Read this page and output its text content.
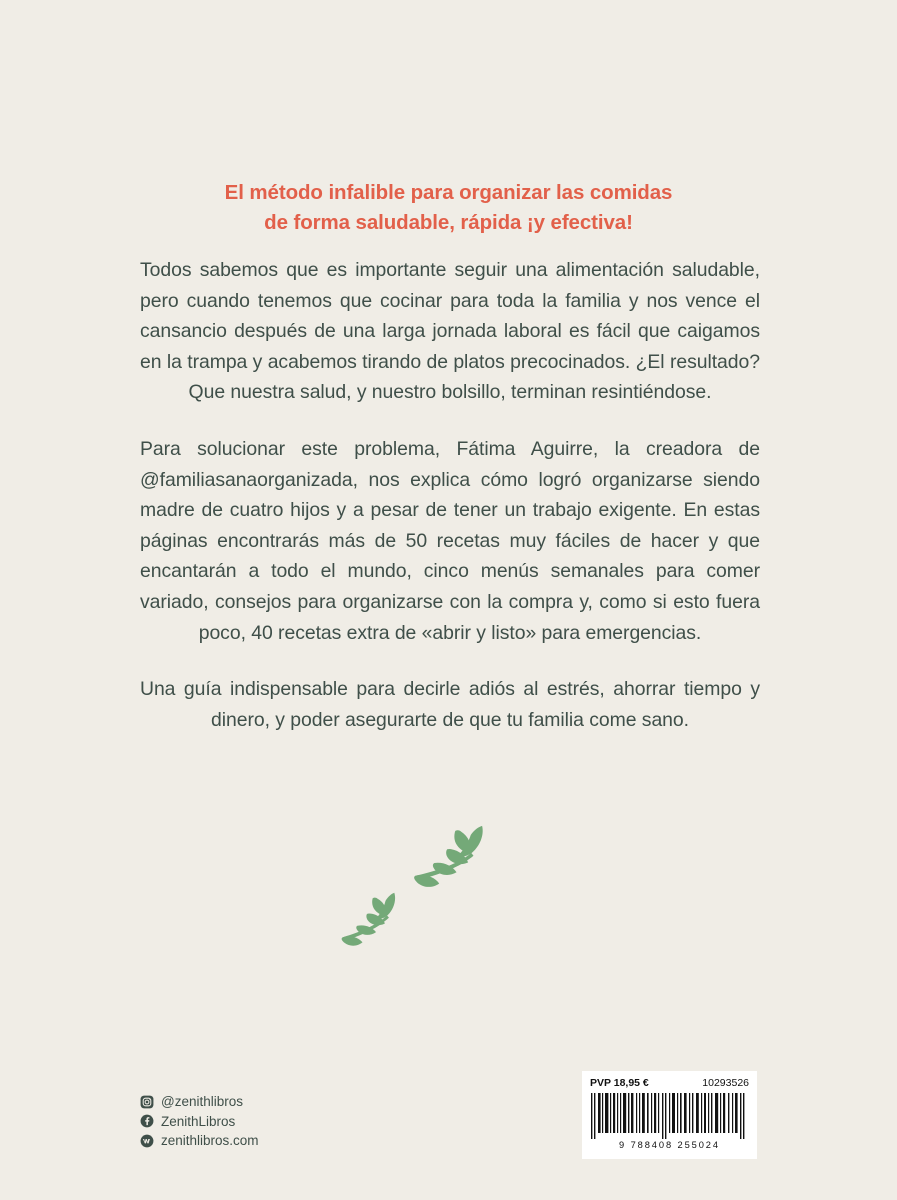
El método infalible para organizar las comidas
de forma saludable, rápida ¡y efectiva!

Todos sabemos que es importante seguir una alimentación saludable, pero cuando tenemos que cocinar para toda la familia y nos vence el cansancio después de una larga jornada laboral es fácil que caigamos en la trampa y acabemos tirando de platos precocinados. ¿El resultado? Que nuestra salud, y nuestro bolsillo, terminan resintiéndose.

Para solucionar este problema, Fátima Aguirre, la creadora de @familiasanaorganizada, nos explica cómo logró organizarse siendo madre de cuatro hijos y a pesar de tener un trabajo exigente. En estas páginas encontrarás más de 50 recetas muy fáciles de hacer y que encantarán a todo el mundo, cinco menús semanales para comer variado, consejos para organizarse con la compra y, como si esto fuera poco, 40 recetas extra de «abrir y listo» para emergencias.

Una guía indispensable para decirle adiós al estrés, ahorrar tiempo y dinero, y poder asegurarte de que tu familia come sano.

@zenithlibros
ZenithLibros
zenithlibros.com
PVP 18,95 €	10293526
9 788408 255024
